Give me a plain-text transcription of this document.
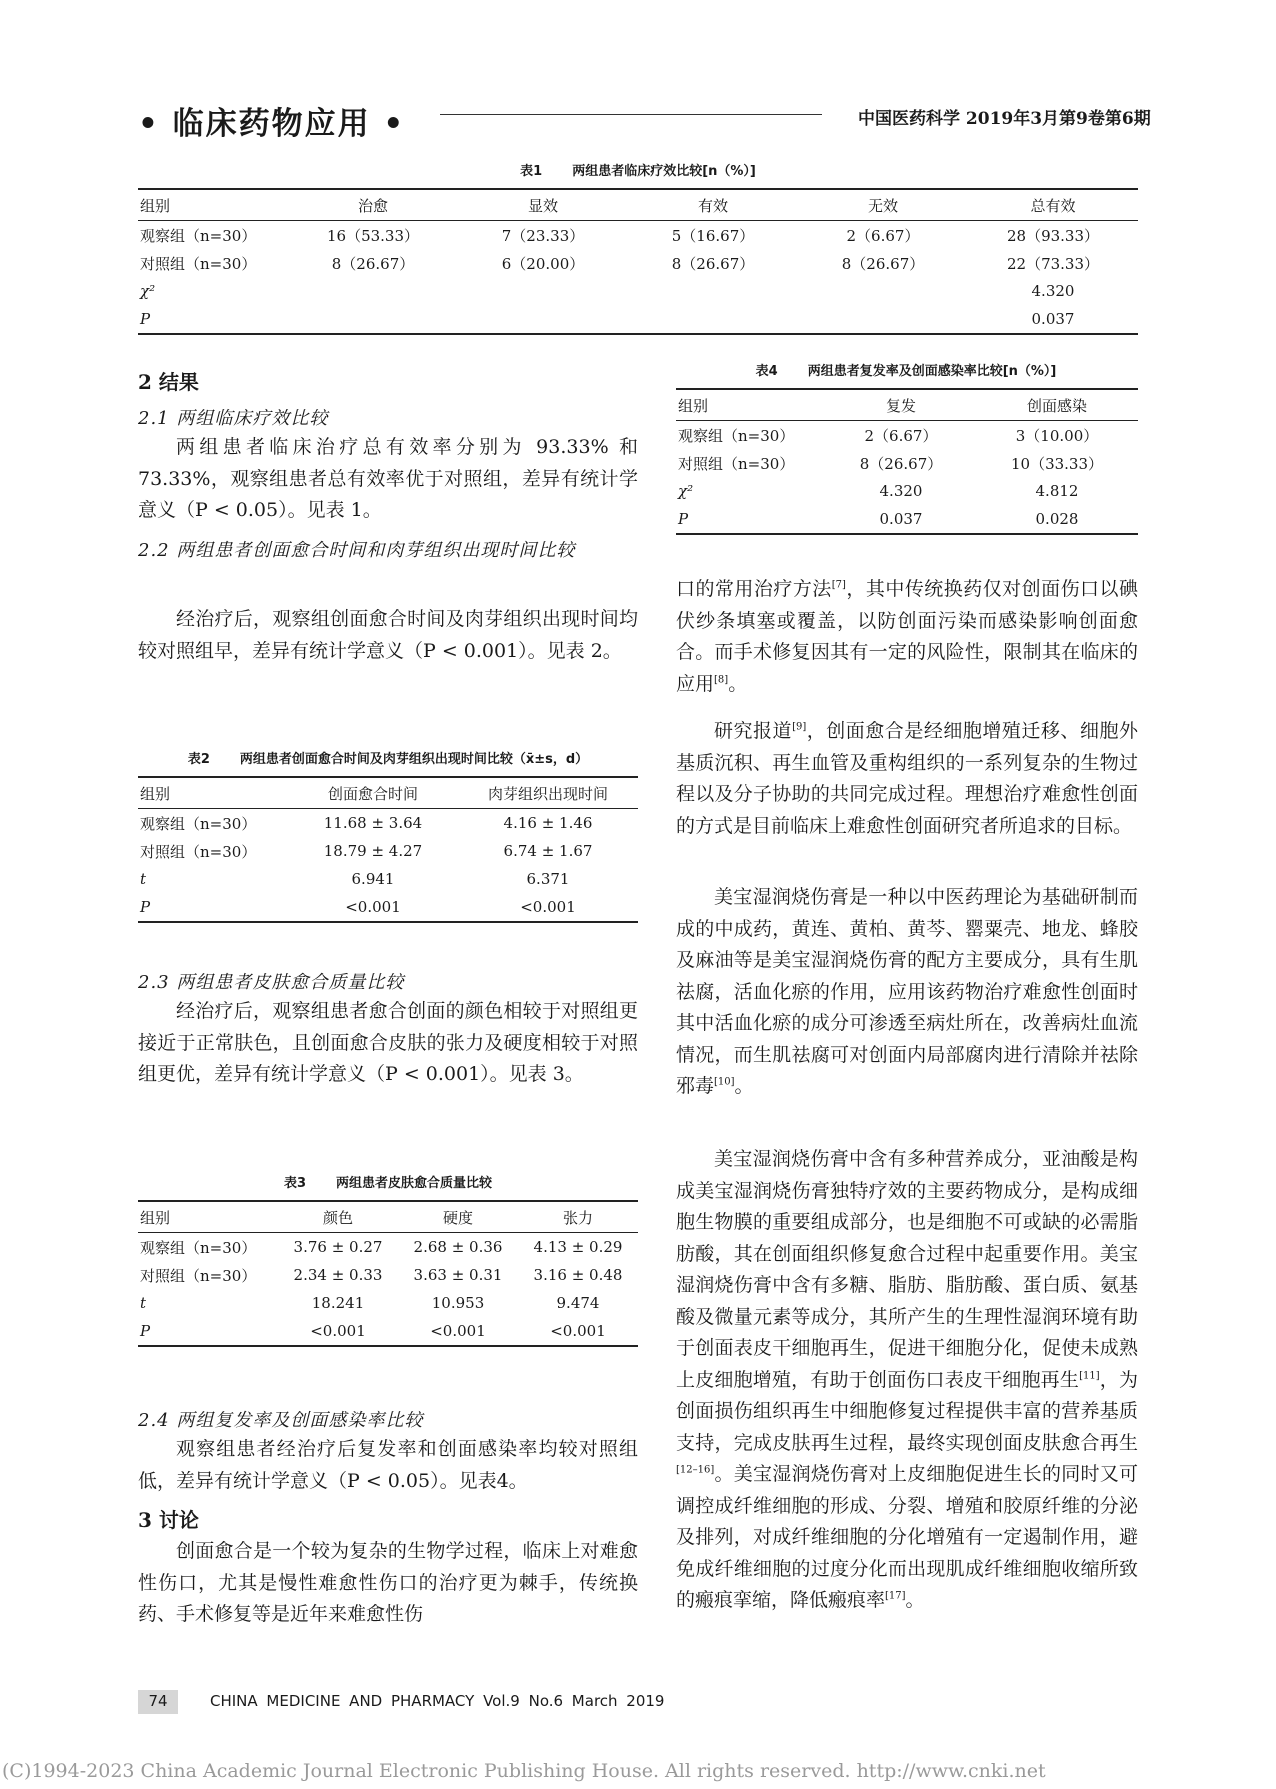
• 临床药物应用 •	中国医药科学 2019年3月第9卷第6期
表1 两组患者临床疗效比较[n（%）]
组别	治愈	显效	有效	无效	总有效
观察组（n=30）	16（53.33）	7（23.33）	5（16.67）	2（6.67）	28（93.33）
对照组（n=30）	8（26.67）	6（20.00）	8（26.67）	8（26.67）	22（73.33）
χ²					4.320
P					0.037
2 结果
2.1 两组临床疗效比较
两组患者临床治疗总有效率分别为 93.33% 和 73.33%，观察组患者总有效率优于对照组，差异有统计学意义（P < 0.05）。见表 1。
2.2 两组患者创面愈合时间和肉芽组织出现时间比较
经治疗后，观察组创面愈合时间及肉芽组织出现时间均较对照组早，差异有统计学意义（P < 0.001）。见表 2。
表2 两组患者创面愈合时间及肉芽组织出现时间比较（x̄±s，d）
组别	创面愈合时间	肉芽组织出现时间
观察组（n=30）	11.68 ± 3.64	4.16 ± 1.46
对照组（n=30）	18.79 ± 4.27	6.74 ± 1.67
t	6.941	6.371
P	<0.001	<0.001
2.3 两组患者皮肤愈合质量比较
经治疗后，观察组患者愈合创面的颜色相较于对照组更接近于正常肤色，且创面愈合皮肤的张力及硬度相较于对照组更优，差异有统计学意义（P < 0.001）。见表 3。
表3 两组患者皮肤愈合质量比较
组别	颜色	硬度	张力
观察组（n=30）	3.76 ± 0.27	2.68 ± 0.36	4.13 ± 0.29
对照组（n=30）	2.34 ± 0.33	3.63 ± 0.31	3.16 ± 0.48
t	18.241	10.953	9.474
P	<0.001	<0.001	<0.001
2.4 两组复发率及创面感染率比较
观察组患者经治疗后复发率和创面感染率均较对照组低，差异有统计学意义（P < 0.05）。见表4。
3 讨论
创面愈合是一个较为复杂的生物学过程，临床上对难愈性伤口，尤其是慢性难愈性伤口的治疗更为棘手，传统换药、手术修复等是近年来难愈性伤
表4 两组患者复发率及创面感染率比较[n（%）]
组别	复发	创面感染
观察组（n=30）	2（6.67）	3（10.00）
对照组（n=30）	8（26.67）	10（33.33）
χ²	4.320	4.812
P	0.037	0.028
口的常用治疗方法[7]，其中传统换药仅对创面伤口以碘伏纱条填塞或覆盖，以防创面污染而感染影响创面愈合。而手术修复因其有一定的风险性，限制其在临床的应用[8]。
研究报道[9]，创面愈合是经细胞增殖迁移、细胞外基质沉积、再生血管及重构组织的一系列复杂的生物过程以及分子协助的共同完成过程。理想治疗难愈性创面的方式是目前临床上难愈性创面研究者所追求的目标。
美宝湿润烧伤膏是一种以中医药理论为基础研制而成的中成药，黄连、黄柏、黄芩、罂粟壳、地龙、蜂胶及麻油等是美宝湿润烧伤膏的配方主要成分，具有生肌祛腐，活血化瘀的作用，应用该药物治疗难愈性创面时其中活血化瘀的成分可渗透至病灶所在，改善病灶血流情况，而生肌祛腐可对创面内局部腐肉进行清除并祛除邪毒[10]。
美宝湿润烧伤膏中含有多种营养成分，亚油酸是构成美宝湿润烧伤膏独特疗效的主要药物成分，是构成细胞生物膜的重要组成部分，也是细胞不可或缺的必需脂肪酸，其在创面组织修复愈合过程中起重要作用。美宝湿润烧伤膏中含有多糖、脂肪、脂肪酸、蛋白质、氨基酸及微量元素等成分，其所产生的生理性湿润环境有助于创面表皮干细胞再生，促进干细胞分化，促使未成熟上皮细胞增殖，有助于创面伤口表皮干细胞再生[11]，为创面损伤组织再生中细胞修复过程提供丰富的营养基质支持，完成皮肤再生过程，最终实现创面皮肤愈合再生[12–16]。美宝湿润烧伤膏对上皮细胞促进生长的同时又可调控成纤维细胞的形成、分裂、增殖和胶原纤维的分泌及排列，对成纤维细胞的分化增殖有一定遏制作用，避免成纤维细胞的过度分化而出现肌成纤维细胞收缩所致的瘢痕挛缩，降低瘢痕率[17]。
74	CHINA MEDICINE AND PHARMACY Vol.9 No.6 March 2019
(C)1994-2023 China Academic Journal Electronic Publishing House. All rights reserved. http://www.cnki.net
